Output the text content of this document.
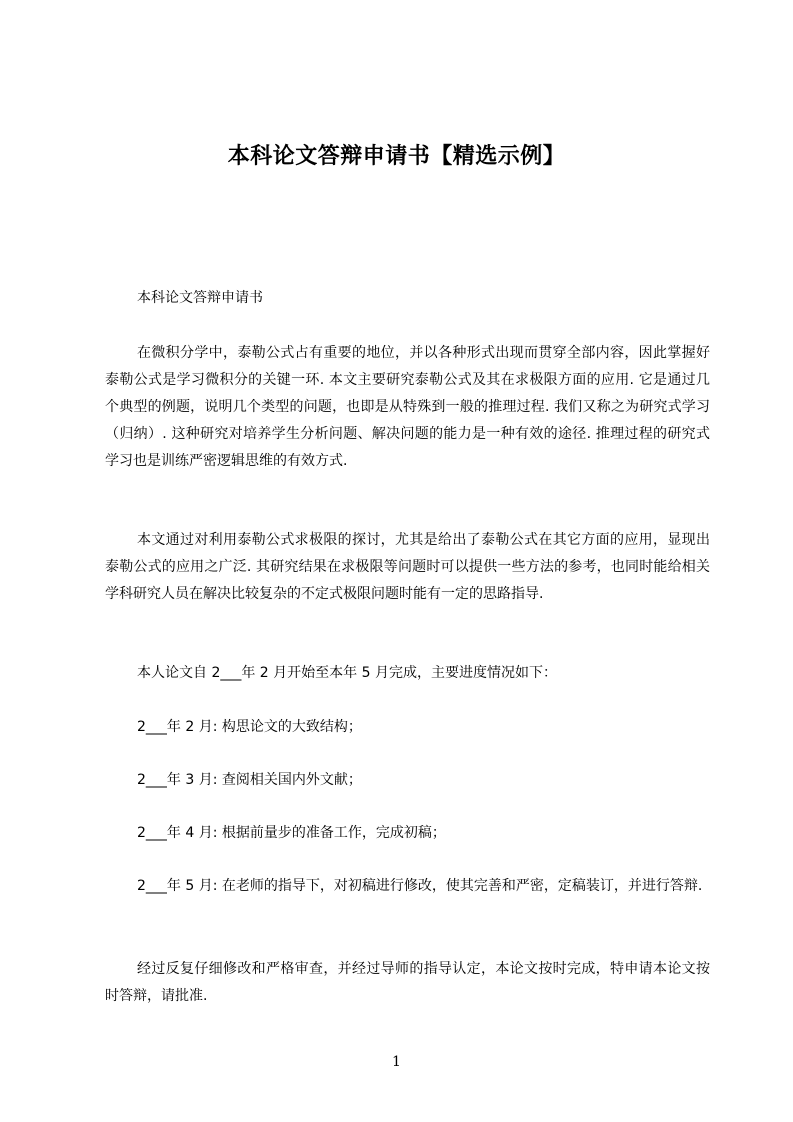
本科论文答辩申请书【精选示例】

本科论文答辩申请书

在微积分学中，泰勒公式占有重要的地位，并以各种形式出现而贯穿全部内容，因此掌握好泰勒公式是学习微积分的关键一环. 本文主要研究泰勒公式及其在求极限方面的应用. 它是通过几个典型的例题，说明几个类型的问题，也即是从特殊到一般的推理过程. 我们又称之为研究式学习（归纳）. 这种研究对培养学生分析问题、解决问题的能力是一种有效的途径. 推理过程的研究式学习也是训练严密逻辑思维的有效方式.

本文通过对利用泰勒公式求极限的探讨，尤其是给出了泰勒公式在其它方面的应用，显现出泰勒公式的应用之广泛. 其研究结果在求极限等问题时可以提供一些方法的参考，也同时能给相关学科研究人员在解决比较复杂的不定式极限问题时能有一定的思路指导.

本人论文自 2___年 2 月开始至本年 5 月完成，主要进度情况如下：

2___年 2 月: 构思论文的大致结构；

2___年 3 月: 查阅相关国内外文献；

2___年 4 月: 根据前量步的准备工作，完成初稿；

2___年 5 月: 在老师的指导下，对初稿进行修改，使其完善和严密，定稿装订，并进行答辩.

经过反复仔细修改和严格审查，并经过导师的指导认定，本论文按时完成，特申请本论文按时答辩，请批准.

1
